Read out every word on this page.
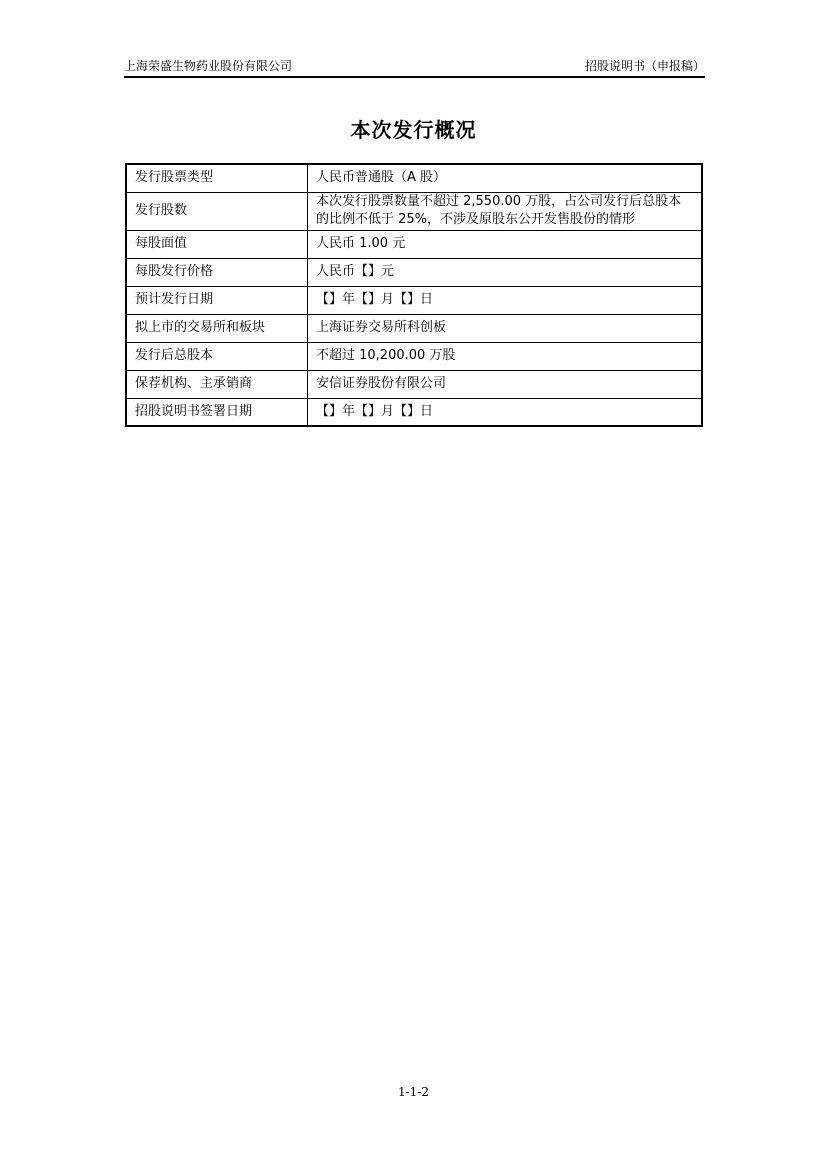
上海荣盛生物药业股份有限公司	招股说明书（申报稿）
本次发行概况
发行股票类型	人民币普通股（A 股）
发行股数	本次发行股票数量不超过 2,550.00 万股，占公司发行后总股本的比例不低于 25%，不涉及原股东公开发售股份的情形
每股面值	人民币 1.00 元
每股发行价格	人民币【】元
预计发行日期	【】年【】月【】日
拟上市的交易所和板块	上海证券交易所科创板
发行后总股本	不超过 10,200.00 万股
保荐机构、主承销商	安信证券股份有限公司
招股说明书签署日期	【】年【】月【】日
1-1-2
